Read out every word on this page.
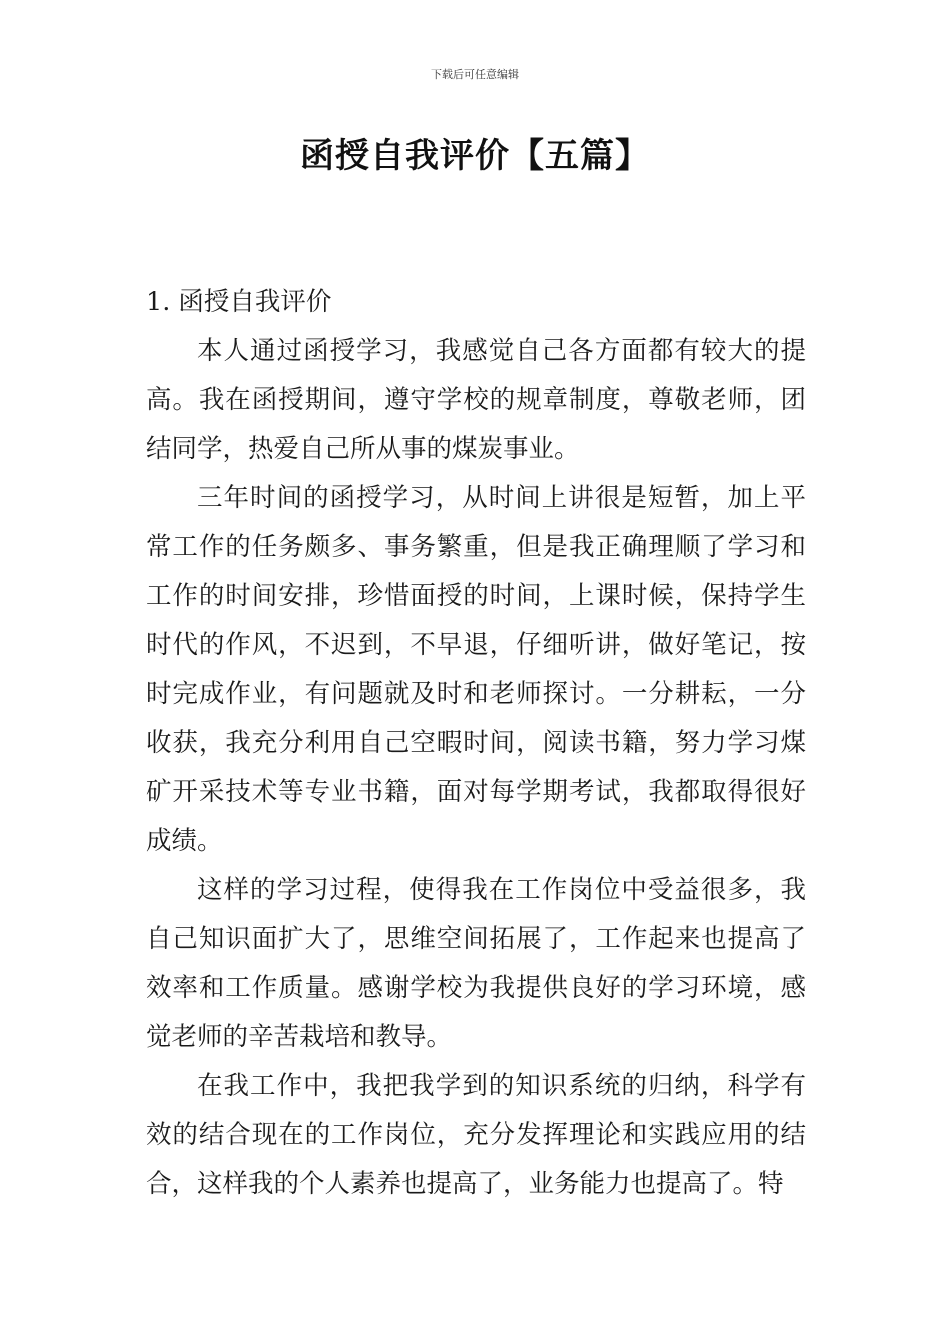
下载后可任意编辑
函授自我评价【五篇】

1. 函授自我评价

本人通过函授学习，我感觉自己各方面都有较大的提高。我在函授期间，遵守学校的规章制度，尊敬老师，团结同学，热爱自己所从事的煤炭事业。

三年时间的函授学习，从时间上讲很是短暂，加上平常工作的任务颇多、事务繁重，但是我正确理顺了学习和工作的时间安排，珍惜面授的时间，上课时候，保持学生时代的作风，不迟到，不早退，仔细听讲，做好笔记，按时完成作业，有问题就及时和老师探讨。一分耕耘，一分收获，我充分利用自己空暇时间，阅读书籍，努力学习煤矿开采技术等专业书籍，面对每学期考试，我都取得很好成绩。

这样的学习过程，使得我在工作岗位中受益很多，我自己知识面扩大了，思维空间拓展了，工作起来也提高了效率和工作质量。感谢学校为我提供良好的学习环境，感觉老师的辛苦栽培和教导。

在我工作中，我把我学到的知识系统的归纳，科学有效的结合现在的工作岗位，充分发挥理论和实践应用的结合，这样我的个人素养也提高了，业务能力也提高了。特
